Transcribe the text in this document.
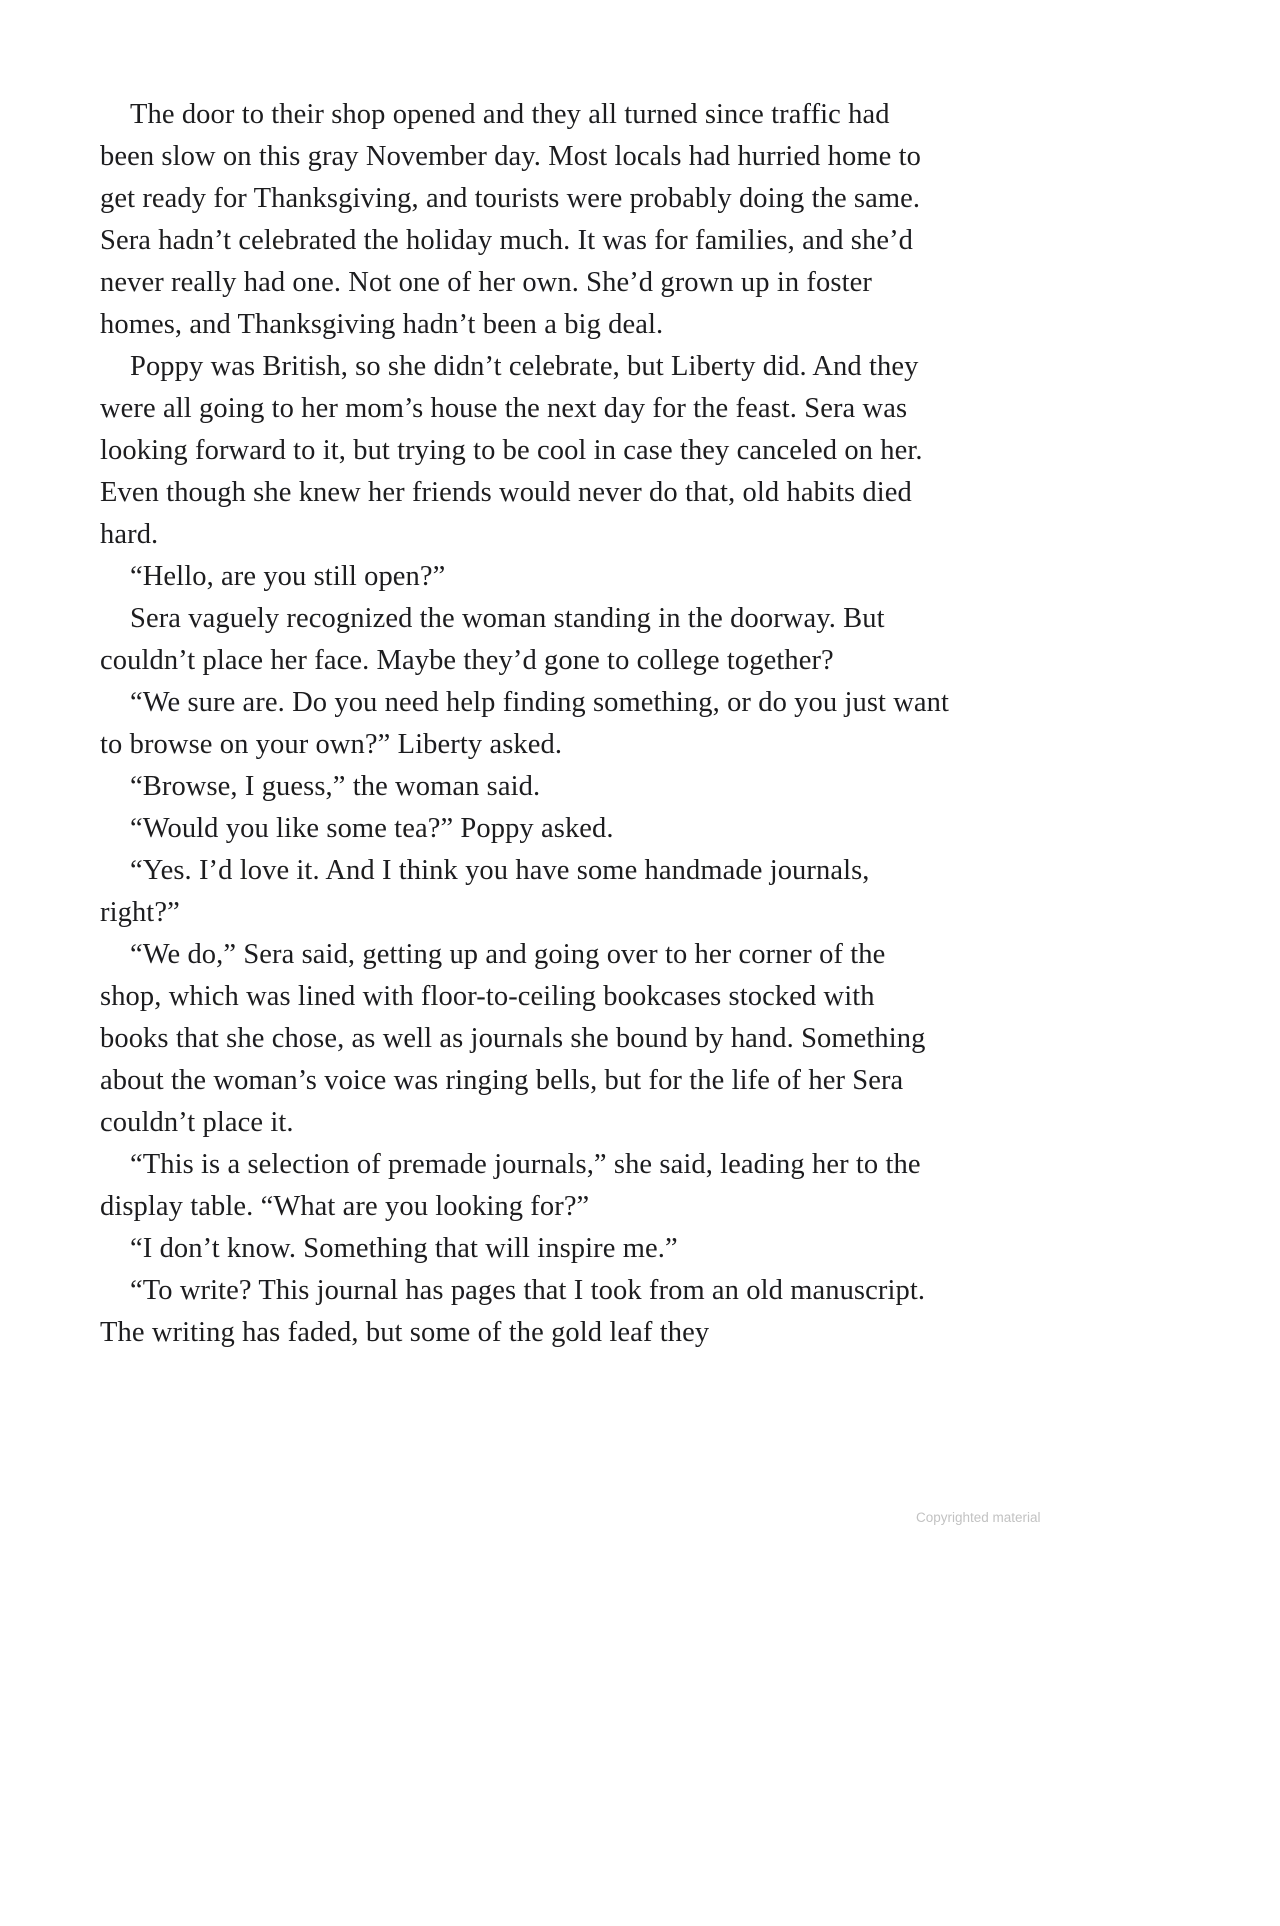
The door to their shop opened and they all turned since traffic had been slow on this gray November day. Most locals had hurried home to get ready for Thanksgiving, and tourists were probably doing the same. Sera hadn’t celebrated the holiday much. It was for families, and she’d never really had one. Not one of her own. She’d grown up in foster homes, and Thanksgiving hadn’t been a big deal.

Poppy was British, so she didn’t celebrate, but Liberty did. And they were all going to her mom’s house the next day for the feast. Sera was looking forward to it, but trying to be cool in case they canceled on her. Even though she knew her friends would never do that, old habits died hard.

“Hello, are you still open?”

Sera vaguely recognized the woman standing in the doorway. But couldn’t place her face. Maybe they’d gone to college together?

“We sure are. Do you need help finding something, or do you just want to browse on your own?” Liberty asked.

“Browse, I guess,” the woman said.

“Would you like some tea?” Poppy asked.

“Yes. I’d love it. And I think you have some handmade journals, right?”

“We do,” Sera said, getting up and going over to her corner of the shop, which was lined with floor-to-ceiling bookcases stocked with books that she chose, as well as journals she bound by hand. Something about the woman’s voice was ringing bells, but for the life of her Sera couldn’t place it.

“This is a selection of premade journals,” she said, leading her to the display table. “What are you looking for?”

“I don’t know. Something that will inspire me.”

“To write? This journal has pages that I took from an old manuscript. The writing has faded, but some of the gold leaf they

Copyrighted material
